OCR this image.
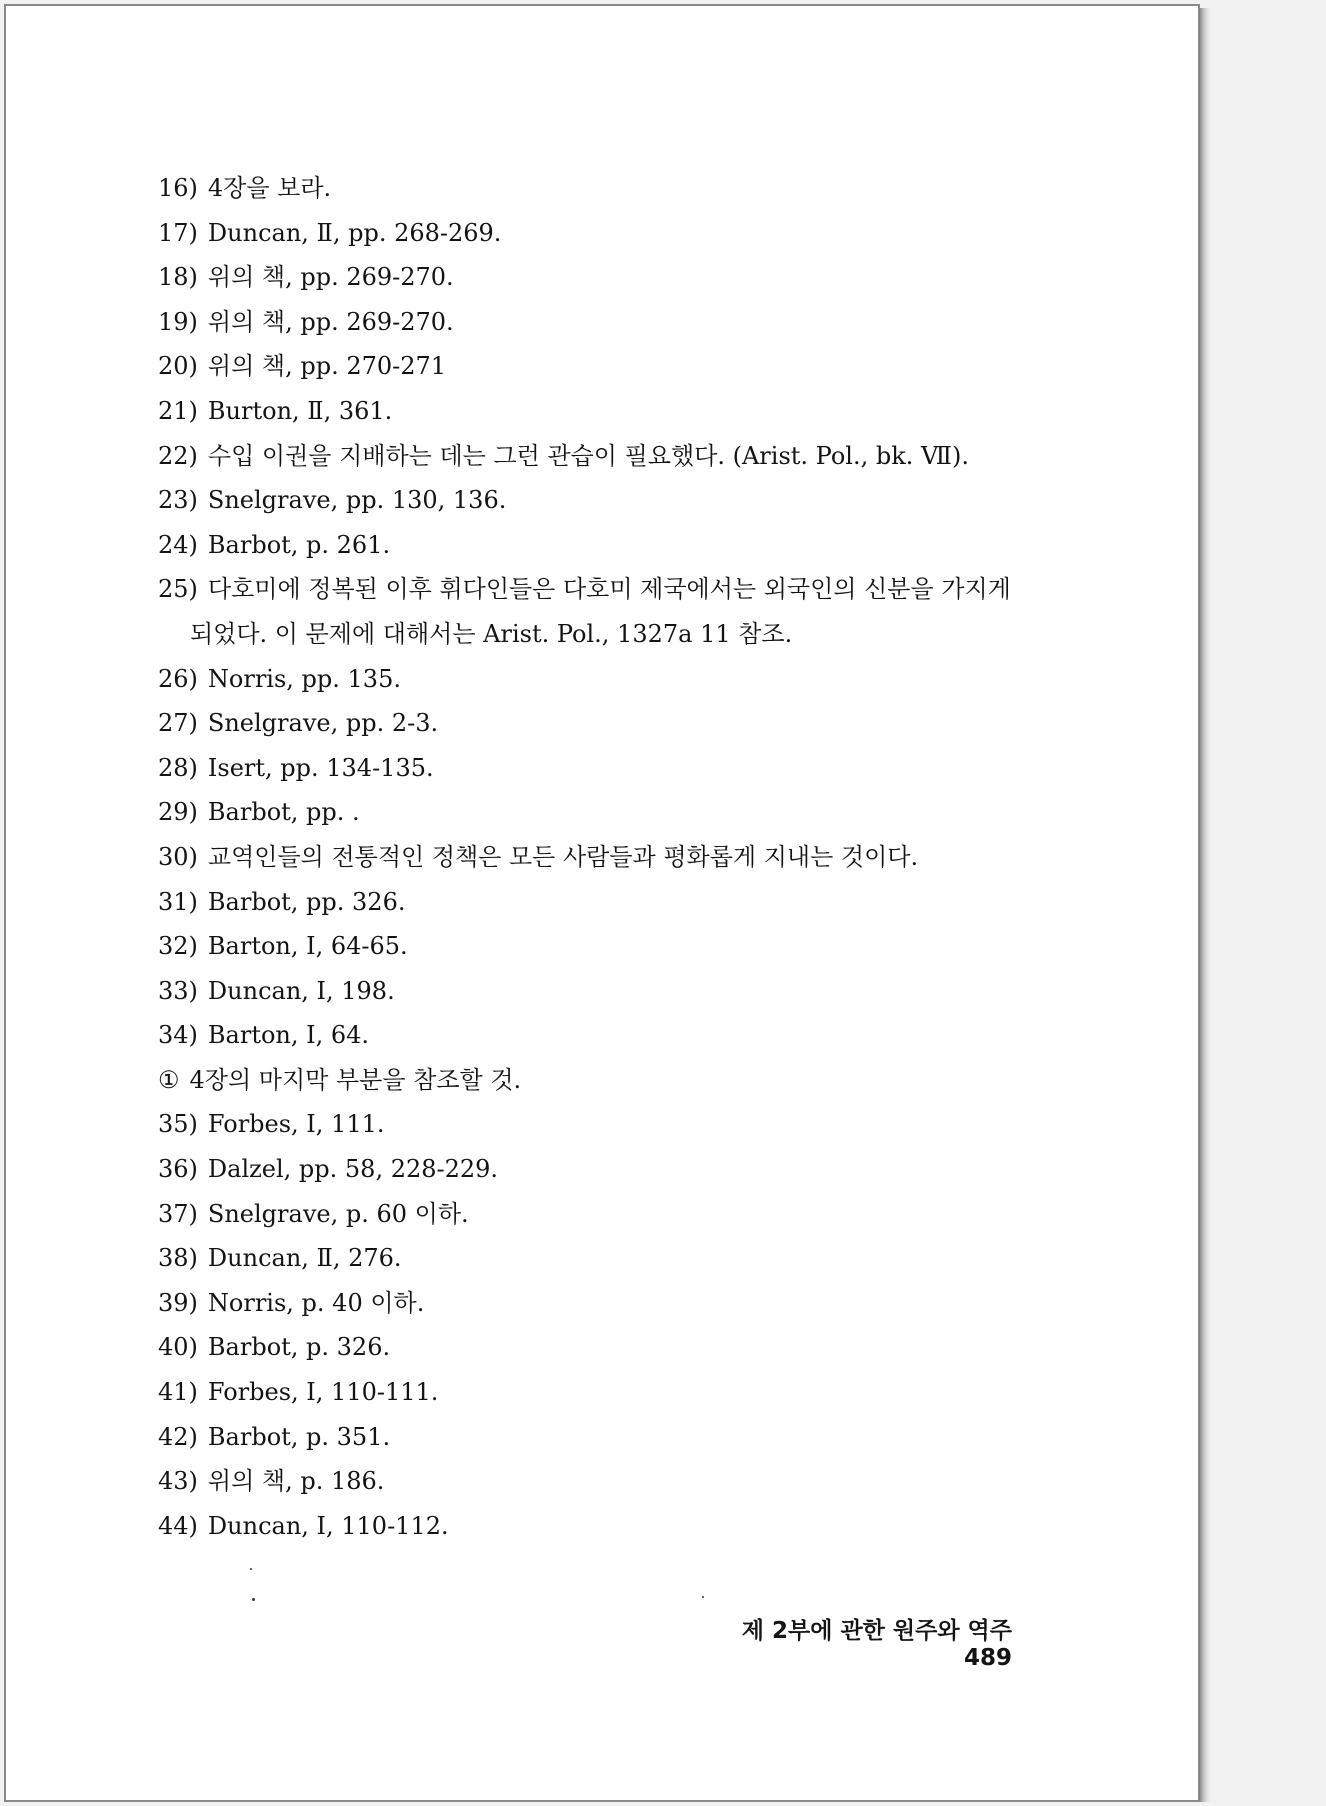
16) 4장을 보라.
17) Duncan, Ⅱ, pp. 268-269.
18) 위의 책, pp. 269-270.
19) 위의 책, pp. 269-270.
20) 위의 책, pp. 270-271
21) Burton, Ⅱ, 361.
22) 수입 이권을 지배하는 데는 그런 관습이 필요했다. (Arist. Pol., bk. Ⅶ).
23) Snelgrave, pp. 130, 136.
24) Barbot, p. 261.
25) 다호미에 정복된 이후 휘다인들은 다호미 제국에서는 외국인의 신분을 가지게
되었다. 이 문제에 대해서는 Arist. Pol., 1327a 11 참조.
26) Norris, pp. 135.
27) Snelgrave, pp. 2-3.
28) Isert, pp. 134-135.
29) Barbot, pp. .
30) 교역인들의 전통적인 정책은 모든 사람들과 평화롭게 지내는 것이다.
31) Barbot, pp. 326.
32) Barton, Ⅰ, 64-65.
33) Duncan, Ⅰ, 198.
34) Barton, Ⅰ, 64.
① 4장의 마지막 부분을 참조할 것.
35) Forbes, Ⅰ, 111.
36) Dalzel, pp. 58, 228-229.
37) Snelgrave, p. 60 이하.
38) Duncan, Ⅱ, 276.
39) Norris, p. 40 이하.
40) Barbot, p. 326.
41) Forbes, Ⅰ, 110-111.
42) Barbot, p. 351.
43) 위의 책, p. 186.
44) Duncan, Ⅰ, 110-112.
제 2부에 관한 원주와 역주489
